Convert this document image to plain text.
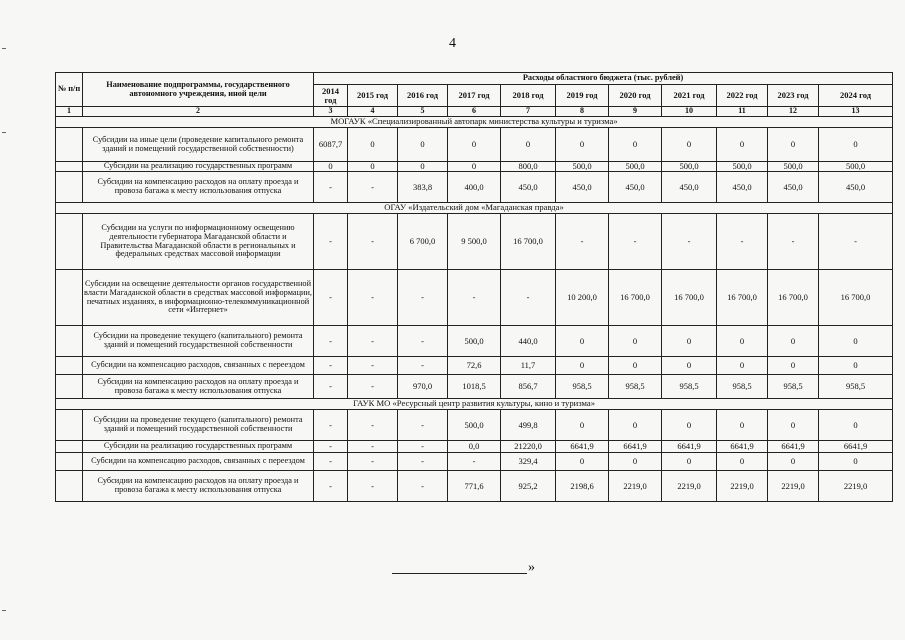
4
№ п/п	Наименование подпрограммы, государственного автономного учреждения, иной цели	Расходы областного бюджета (тыс. рублей)										
		2014 год	2015 год	2016 год	2017 год	2018 год	2019 год	2020 год	2021 год	2022 год	2023 год	2024 год
1	2	3	4	5	6	7	8	9	10	11	12	13
МОГАУК «Специализированный автопарк министерства культуры и туризма»												
	Субсидии на иные цели (проведение капитального ремонта зданий и помещений государственной собственности)	6087,7	0	0	0	0	0	0	0	0	0	0
	Субсидии на реализацию государственных программ	0	0	0	0	800,0	500,0	500,0	500,0	500,0	500,0	500,0
	Субсидии на компенсацию расходов на оплату проезда и провоза багажа к месту использования отпуска	-	-	383,8	400,0	450,0	450,0	450,0	450,0	450,0	450,0	450,0
ОГАУ «Издательский дом «Магаданская правда»												
	Субсидии на услуги по информационному освещению деятельности губернатора Магаданской области и Правительства Магаданской области в региональных и федеральных средствах массовой информации	-	-	6 700,0	9 500,0	16 700,0	-	-	-	-	-	-
	Субсидии на освещение деятельности органов государственной власти Магаданской области в средствах массовой информации, печатных изданиях, в информационно-телекоммуникационной сети «Интернет»	-	-	-	-	-	10 200,0	16 700,0	16 700,0	16 700,0	16 700,0	16 700,0
	Субсидии на проведение текущего (капитального) ремонта зданий и помещений государственной собственности	-	-	-	500,0	440,0	0	0	0	0	0	0
	Субсидии на компенсацию расходов, связанных с переездом	-	-	-	72,6	11,7	0	0	0	0	0	0
	Субсидии на компенсацию расходов на оплату проезда и провоза багажа к месту использования отпуска	-	-	970,0	1018,5	856,7	958,5	958,5	958,5	958,5	958,5	958,5
ГАУК МО «Ресурсный центр развития культуры, кино и туризма»												
	Субсидии на проведение текущего (капитального) ремонта зданий и помещений государственной собственности	-	-	-	500,0	499,8	0	0	0	0	0	0
	Субсидии на реализацию государственных программ	-	-	-	0,0	21220,0	6641,9	6641,9	6641,9	6641,9	6641,9	6641,9
	Субсидии на компенсацию расходов, связанных с переездом	-	-	-	-	329,4	0	0	0	0	0	0
	Субсидии на компенсацию расходов на оплату проезда и провоза багажа к месту использования отпуска	-	-	-	771,6	925,2	2198,6	2219,0	2219,0	2219,0	2219,0	2219,0
»
